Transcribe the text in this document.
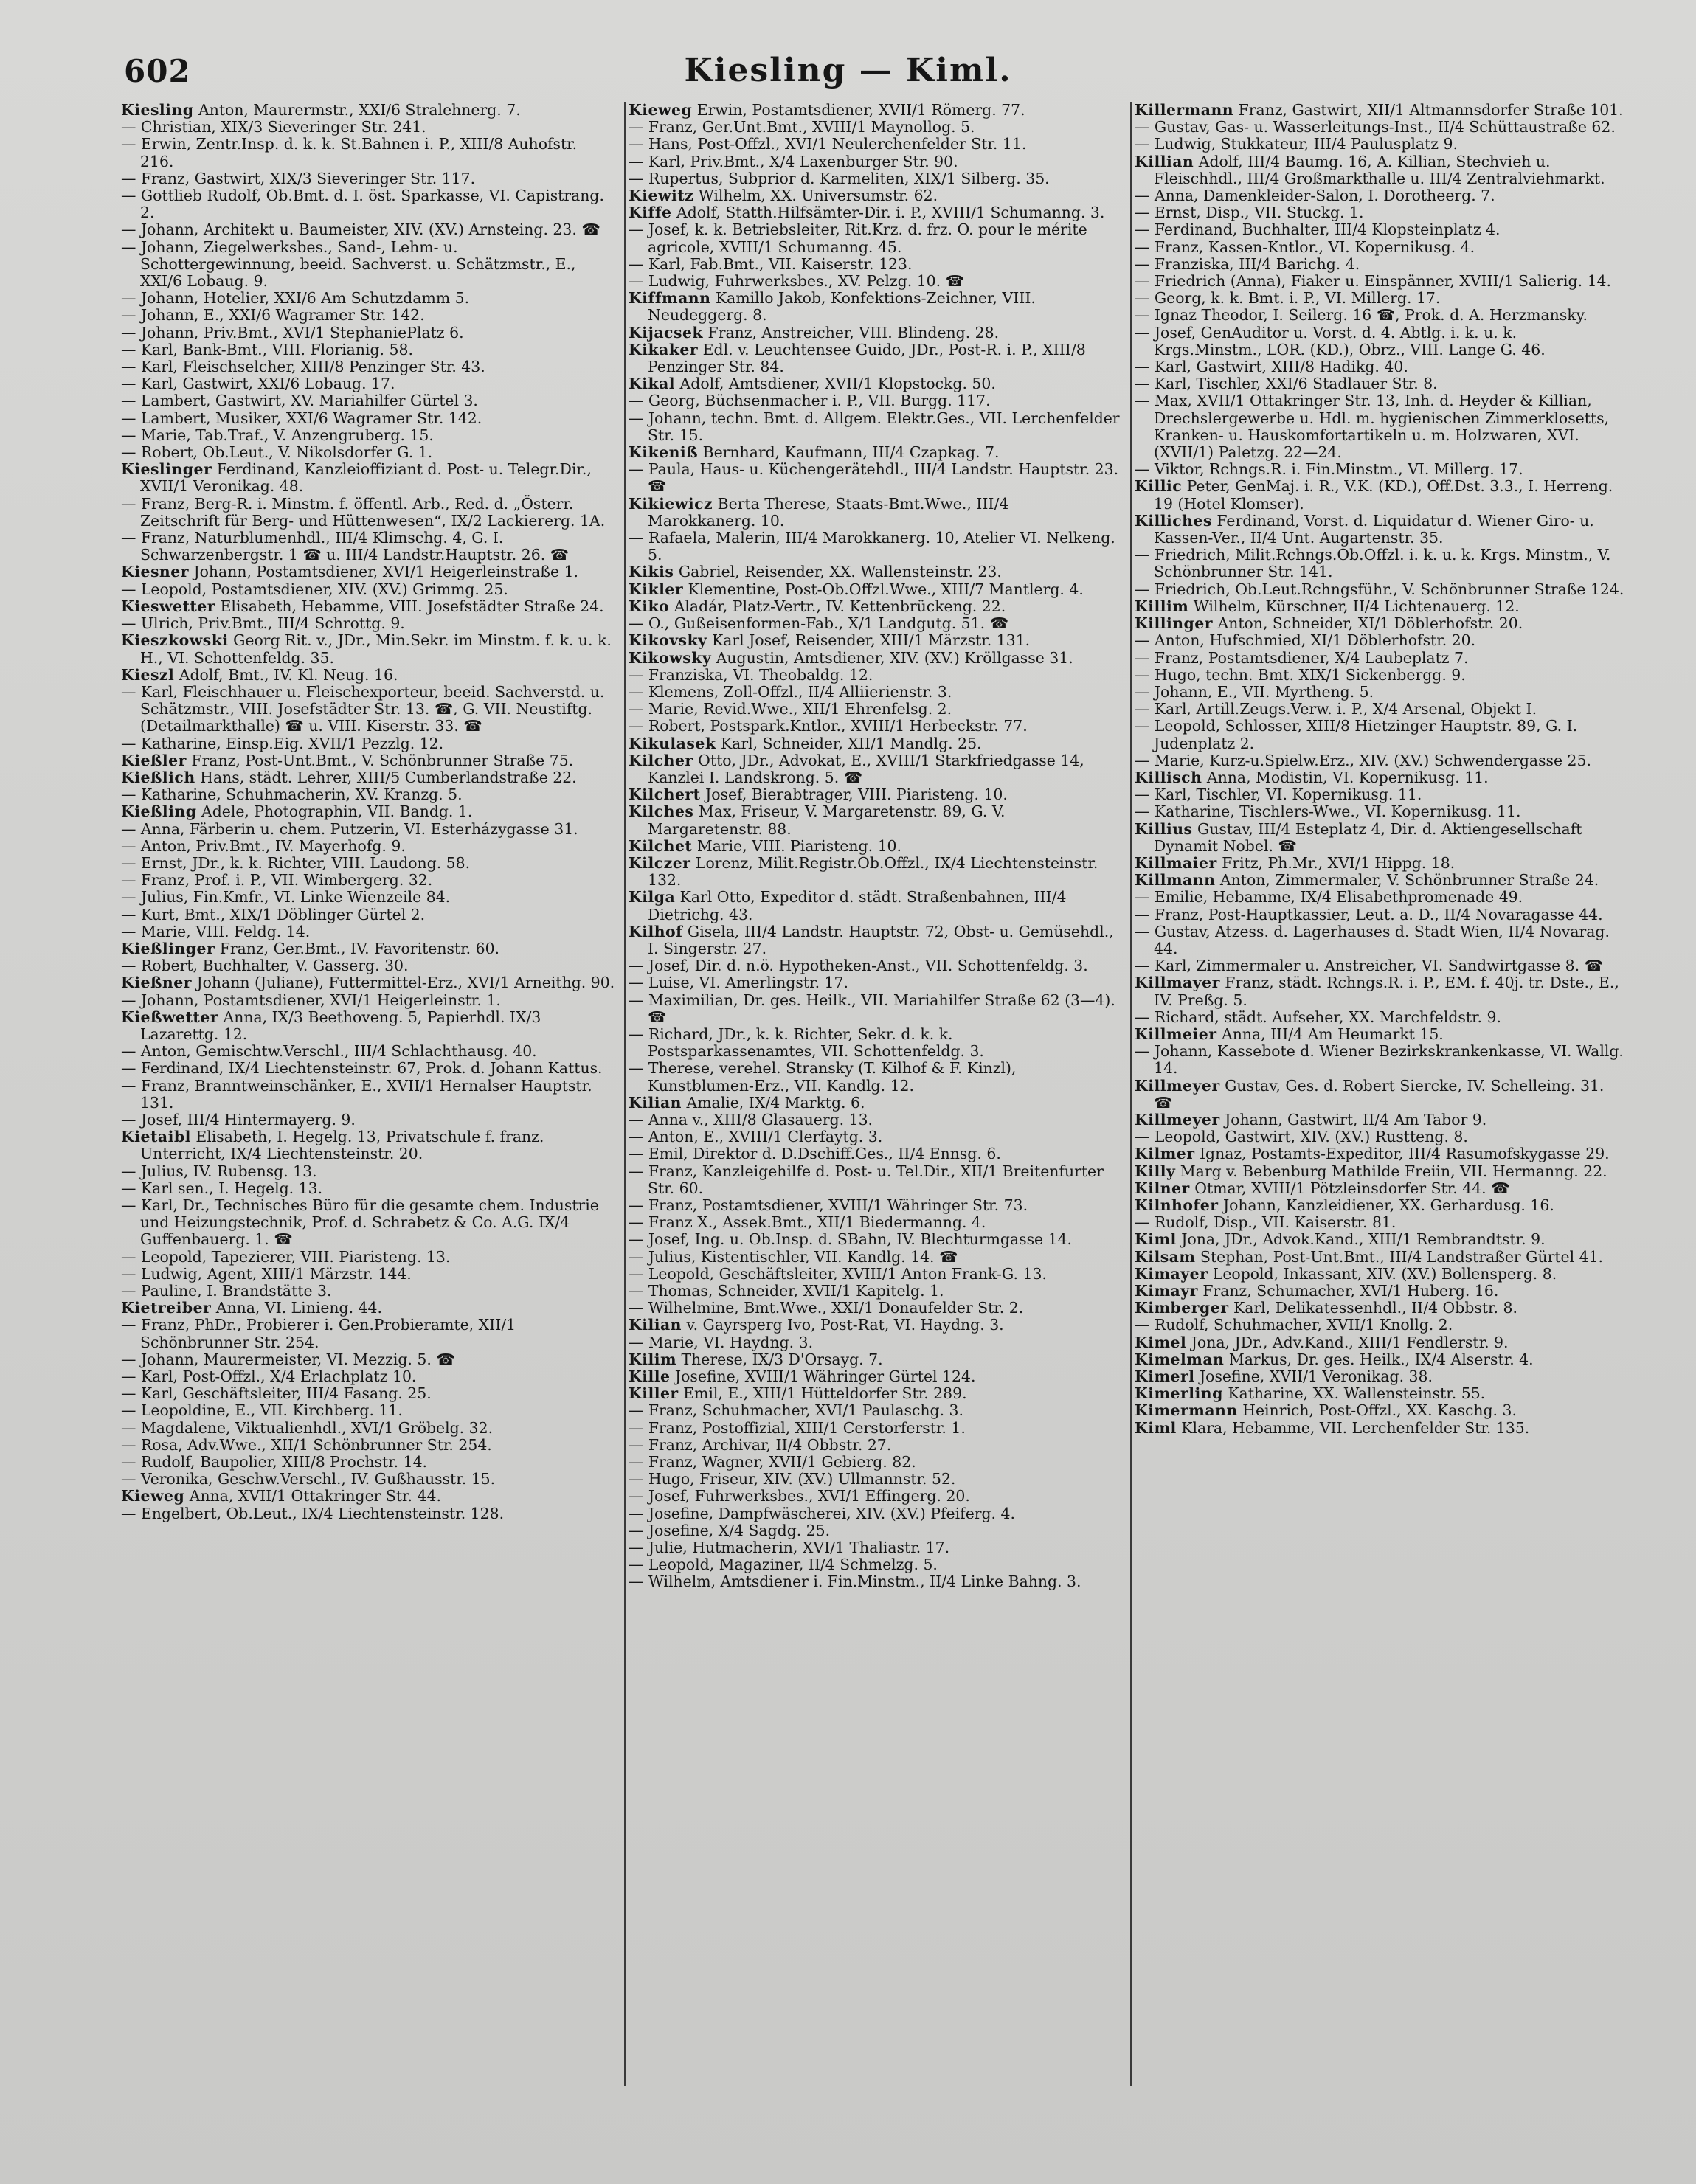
602	Kiesling — Kiml.
Kiesling Anton, Maurermstr., XXI/6 Stralehnerg. 7.
— Christian, XIX/3 Sieveringer Str. 241.
— Erwin, Zentr.Insp. d. k. k. St.Bahnen i. P., XIII/8 Auhofstr. 216.
— Franz, Gastwirt, XIX/3 Sieveringer Str. 117.
— Gottlieb Rudolf, Ob.Bmt. d. I. öst. Sparkasse, VI. Capistrang. 2.
— Johann, Architekt u. Baumeister, XIV. (XV.) Arnsteing. 23. ☎
— Johann, Ziegelwerksbes., Sand-, Lehm- u. Schottergewinnung, beeid. Sachverst. u. Schätzmstr., E., XXI/6 Lobaug. 9.
— Johann, Hotelier, XXI/6 Am Schutzdamm 5.
— Johann, E., XXI/6 Wagramer Str. 142.
— Johann, Priv.Bmt., XVI/1 StephaniePlatz 6.
— Karl, Bank-Bmt., VIII. Florianig. 58.
— Karl, Fleischselcher, XIII/8 Penzinger Str. 43.
— Karl, Gastwirt, XXI/6 Lobaug. 17.
— Lambert, Gastwirt, XV. Mariahilfer Gürtel 3.
— Lambert, Musiker, XXI/6 Wagramer Str. 142.
— Marie, Tab.Traf., V. Anzengruberg. 15.
— Robert, Ob.Leut., V. Nikolsdorfer G. 1.
Kieslinger Ferdinand, Kanzleioffiziant d. Post- u. Telegr.Dir., XVII/1 Veronikag. 48.
— Franz, Berg-R. i. Minstm. f. öffentl. Arb., Red. d. „Österr. Zeitschrift für Berg- und Hüttenwesen“, IX/2 Lackiererg. 1A.
— Franz, Naturblumenhdl., III/4 Klimschg. 4, G. I. Schwarzenbergstr. 1 ☎ u. III/4 Landstr.Hauptstr. 26. ☎
Kiesner Johann, Postamtsdiener, XVI/1 Heigerleinstraße 1.
— Leopold, Postamtsdiener, XIV. (XV.) Grimmg. 25.
Kieswetter Elisabeth, Hebamme, VIII. Josefstädter Straße 24.
— Ulrich, Priv.Bmt., III/4 Schrottg. 9.
Kieszkowski Georg Rit. v., JDr., Min.Sekr. im Minstm. f. k. u. k. H., VI. Schottenfeldg. 35.
Kieszl Adolf, Bmt., IV. Kl. Neug. 16.
— Karl, Fleischhauer u. Fleischexporteur, beeid. Sachverstd. u. Schätzmstr., VIII. Josefstädter Str. 13. ☎, G. VII. Neustiftg. (Detailmarkthalle) ☎ u. VIII. Kiserstr. 33. ☎
— Katharine, Einsp.Eig. XVII/1 Pezzlg. 12.
Kießler Franz, Post-Unt.Bmt., V. Schönbrunner Straße 75.
Kießlich Hans, städt. Lehrer, XIII/5 Cumberlandstraße 22.
— Katharine, Schuhmacherin, XV. Kranzg. 5.
Kießling Adele, Photographin, VII. Bandg. 1.
— Anna, Färberin u. chem. Putzerin, VI. Esterházygasse 31.
— Anton, Priv.Bmt., IV. Mayerhofg. 9.
— Ernst, JDr., k. k. Richter, VIII. Laudong. 58.
— Franz, Prof. i. P., VII. Wimbergerg. 32.
— Julius, Fin.Kmfr., VI. Linke Wienzeile 84.
— Kurt, Bmt., XIX/1 Döblinger Gürtel 2.
— Marie, VIII. Feldg. 14.
Kießlinger Franz, Ger.Bmt., IV. Favoritenstr. 60.
— Robert, Buchhalter, V. Gasserg. 30.
Kießner Johann (Juliane), Futtermittel-Erz., XVI/1 Arneithg. 90.
— Johann, Postamtsdiener, XVI/1 Heigerleinstr. 1.
Kießwetter Anna, IX/3 Beethoveng. 5, Papierhdl. IX/3 Lazarettg. 12.
— Anton, Gemischtw.Verschl., III/4 Schlachthausg. 40.
— Ferdinand, IX/4 Liechtensteinstr. 67, Prok. d. Johann Kattus.
— Franz, Branntweinschänker, E., XVII/1 Hernalser Hauptstr. 131.
— Josef, III/4 Hintermayerg. 9.
Kietaibl Elisabeth, I. Hegelg. 13, Privatschule f. franz. Unterricht, IX/4 Liechtensteinstr. 20.
— Julius, IV. Rubensg. 13.
— Karl sen., I. Hegelg. 13.
— Karl, Dr., Technisches Büro für die gesamte chem. Industrie und Heizungstechnik, Prof. d. Schrabetz & Co. A.G. IX/4 Guffenbauerg. 1. ☎
— Leopold, Tapezierer, VIII. Piaristeng. 13.
— Ludwig, Agent, XIII/1 Märzstr. 144.
— Pauline, I. Brandstätte 3.
Kietreiber Anna, VI. Linieng. 44.
— Franz, PhDr., Probierer i. Gen.Probieramte, XII/1 Schönbrunner Str. 254.
— Johann, Maurermeister, VI. Mezzig. 5. ☎
— Karl, Post-Offzl., X/4 Erlachplatz 10.
— Karl, Geschäftsleiter, III/4 Fasang. 25.
— Leopoldine, E., VII. Kirchberg. 11.
— Magdalene, Viktualienhdl., XVI/1 Gröbelg. 32.
— Rosa, Adv.Wwe., XII/1 Schönbrunner Str. 254.
— Rudolf, Baupolier, XIII/8 Prochstr. 14.
— Veronika, Geschw.Verschl., IV. Gußhausstr. 15.
Kieweg Anna, XVII/1 Ottakringer Str. 44.
— Engelbert, Ob.Leut., IX/4 Liechtensteinstr. 128.
Kieweg Erwin, Postamtsdiener, XVII/1 Römerg. 77.
— Franz, Ger.Unt.Bmt., XVIII/1 Maynollog. 5.
— Hans, Post-Offzl., XVI/1 Neulerchenfelder Str. 11.
— Karl, Priv.Bmt., X/4 Laxenburger Str. 90.
— Rupertus, Subprior d. Karmeliten, XIX/1 Silberg. 35.
Kiewitz Wilhelm, XX. Universumstr. 62.
Kiffe Adolf, Statth.Hilfsämter-Dir. i. P., XVIII/1 Schumanng. 3.
— Josef, k. k. Betriebsleiter, Rit.Krz. d. frz. O. pour le mérite agricole, XVIII/1 Schumanng. 45.
— Karl, Fab.Bmt., VII. Kaiserstr. 123.
— Ludwig, Fuhrwerksbes., XV. Pelzg. 10. ☎
Kiffmann Kamillo Jakob, Konfektions-Zeichner, VIII. Neudeggerg. 8.
Kijacsek Franz, Anstreicher, VIII. Blindeng. 28.
Kikaker Edl. v. Leuchtensee Guido, JDr., Post-R. i. P., XIII/8 Penzinger Str. 84.
Kikal Adolf, Amtsdiener, XVII/1 Klopstockg. 50.
— Georg, Büchsenmacher i. P., VII. Burgg. 117.
— Johann, techn. Bmt. d. Allgem. Elektr.Ges., VII. Lerchenfelder Str. 15.
Kikeniß Bernhard, Kaufmann, III/4 Czapkag. 7.
— Paula, Haus- u. Küchengerätehdl., III/4 Landstr. Hauptstr. 23. ☎
Kikiewicz Berta Therese, Staats-Bmt.Wwe., III/4 Marokkanerg. 10.
— Rafaela, Malerin, III/4 Marokkanerg. 10, Atelier VI. Nelkeng. 5.
Kikis Gabriel, Reisender, XX. Wallensteinstr. 23.
Kikler Klementine, Post-Ob.Offzl.Wwe., XIII/7 Mantlerg. 4.
Kiko Aladár, Platz-Vertr., IV. Kettenbrückeng. 22.
— O., Gußeisenformen-Fab., X/1 Landgutg. 51. ☎
Kikovsky Karl Josef, Reisender, XIII/1 Märzstr. 131.
Kikowsky Augustin, Amtsdiener, XIV. (XV.) Kröllgasse 31.
— Franziska, VI. Theobaldg. 12.
— Klemens, Zoll-Offzl., II/4 Alliierienstr. 3.
— Marie, Revid.Wwe., XII/1 Ehrenfelsg. 2.
— Robert, Postspark.Kntlor., XVIII/1 Herbeckstr. 77.
Kikulasek Karl, Schneider, XII/1 Mandlg. 25.
Kilcher Otto, JDr., Advokat, E., XVIII/1 Starkfriedgasse 14, Kanzlei I. Landskrong. 5. ☎
Kilchert Josef, Bierabtrager, VIII. Piaristeng. 10.
Kilches Max, Friseur, V. Margaretenstr. 89, G. V. Margaretenstr. 88.
Kilchet Marie, VIII. Piaristeng. 10.
Kilczer Lorenz, Milit.Registr.Ob.Offzl., IX/4 Liechtensteinstr. 132.
Kilga Karl Otto, Expeditor d. städt. Straßenbahnen, III/4 Dietrichg. 43.
Kilhof Gisela, III/4 Landstr. Hauptstr. 72, Obst- u. Gemüsehdl., I. Singerstr. 27.
— Josef, Dir. d. n.ö. Hypotheken-Anst., VII. Schottenfeldg. 3.
— Luise, VI. Amerlingstr. 17.
— Maximilian, Dr. ges. Heilk., VII. Mariahilfer Straße 62 (3—4). ☎
— Richard, JDr., k. k. Richter, Sekr. d. k. k. Postsparkassenamtes, VII. Schottenfeldg. 3.
— Therese, verehel. Stransky (T. Kilhof & F. Kinzl), Kunstblumen-Erz., VII. Kandlg. 12.
Kilian Amalie, IX/4 Marktg. 6.
— Anna v., XIII/8 Glasauerg. 13.
— Anton, E., XVIII/1 Clerfaytg. 3.
— Emil, Direktor d. D.Dschiff.Ges., II/4 Ennsg. 6.
— Franz, Kanzleigehilfe d. Post- u. Tel.Dir., XII/1 Breitenfurter Str. 60.
— Franz, Postamtsdiener, XVIII/1 Währinger Str. 73.
— Franz X., Assek.Bmt., XII/1 Biedermanng. 4.
— Josef, Ing. u. Ob.Insp. d. SBahn, IV. Blechturmgasse 14.
— Julius, Kistentischler, VII. Kandlg. 14. ☎
— Leopold, Geschäftsleiter, XVIII/1 Anton Frank-G. 13.
— Thomas, Schneider, XVII/1 Kapitelg. 1.
— Wilhelmine, Bmt.Wwe., XXI/1 Donaufelder Str. 2.
Kilian v. Gayrsperg Ivo, Post-Rat, VI. Haydng. 3.
— Marie, VI. Haydng. 3.
Kilim Therese, IX/3 D'Orsayg. 7.
Kille Josefine, XVIII/1 Währinger Gürtel 124.
Killer Emil, E., XIII/1 Hütteldorfer Str. 289.
— Franz, Schuhmacher, XVI/1 Paulaschg. 3.
— Franz, Postoffizial, XIII/1 Cerstorferstr. 1.
— Franz, Archivar, II/4 Obbstr. 27.
— Franz, Wagner, XVII/1 Gebierg. 82.
— Hugo, Friseur, XIV. (XV.) Ullmannstr. 52.
— Josef, Fuhrwerksbes., XVI/1 Effingerg. 20.
— Josefine, Dampfwäscherei, XIV. (XV.) Pfeiferg. 4.
— Josefine, X/4 Sagdg. 25.
— Julie, Hutmacherin, XVI/1 Thaliastr. 17.
— Leopold, Magaziner, II/4 Schmelzg. 5.
— Wilhelm, Amtsdiener i. Fin.Minstm., II/4 Linke Bahng. 3.
Killermann Franz, Gastwirt, XII/1 Altmannsdorfer Straße 101.
— Gustav, Gas- u. Wasserleitungs-Inst., II/4 Schüttaustraße 62.
— Ludwig, Stukkateur, III/4 Paulusplatz 9.
Killian Adolf, III/4 Baumg. 16, A. Killian, Stechvieh u. Fleischhdl., III/4 Großmarkthalle u. III/4 Zentralviehmarkt.
— Anna, Damenkleider-Salon, I. Dorotheerg. 7.
— Ernst, Disp., VII. Stuckg. 1.
— Ferdinand, Buchhalter, III/4 Klopsteinplatz 4.
— Franz, Kassen-Kntlor., VI. Kopernikusg. 4.
— Franziska, III/4 Barichg. 4.
— Friedrich (Anna), Fiaker u. Einspänner, XVIII/1 Salierig. 14.
— Georg, k. k. Bmt. i. P., VI. Millerg. 17.
— Ignaz Theodor, I. Seilerg. 16 ☎, Prok. d. A. Herzmansky.
— Josef, GenAuditor u. Vorst. d. 4. Abtlg. i. k. u. k. Krgs.Minstm., LOR. (KD.), Obrz., VIII. Lange G. 46.
— Karl, Gastwirt, XIII/8 Hadikg. 40.
— Karl, Tischler, XXI/6 Stadlauer Str. 8.
— Max, XVII/1 Ottakringer Str. 13, Inh. d. Heyder & Killian, Drechslergewerbe u. Hdl. m. hygienischen Zimmerklosetts, Kranken- u. Hauskomfortartikeln u. m. Holzwaren, XVI. (XVII/1) Paletzg. 22—24.
— Viktor, Rchngs.R. i. Fin.Minstm., VI. Millerg. 17.
Killic Peter, GenMaj. i. R., V.K. (KD.), Off.Dst. 3.3., I. Herreng. 19 (Hotel Klomser).
Killiches Ferdinand, Vorst. d. Liquidatur d. Wiener Giro- u. Kassen-Ver., II/4 Unt. Augartenstr. 35.
— Friedrich, Milit.Rchngs.Ob.Offzl. i. k. u. k. Krgs. Minstm., V. Schönbrunner Str. 141.
— Friedrich, Ob.Leut.Rchngsführ., V. Schönbrunner Straße 124.
Killim Wilhelm, Kürschner, II/4 Lichtenauerg. 12.
Killinger Anton, Schneider, XI/1 Döblerhofstr. 20.
— Anton, Hufschmied, XI/1 Döblerhofstr. 20.
— Franz, Postamtsdiener, X/4 Laubeplatz 7.
— Hugo, techn. Bmt. XIX/1 Sickenbergg. 9.
— Johann, E., VII. Myrtheng. 5.
— Karl, Artill.Zeugs.Verw. i. P., X/4 Arsenal, Objekt I.
— Leopold, Schlosser, XIII/8 Hietzinger Hauptstr. 89, G. I. Judenplatz 2.
— Marie, Kurz-u.Spielw.Erz., XIV. (XV.) Schwendergasse 25.
Killisch Anna, Modistin, VI. Kopernikusg. 11.
— Karl, Tischler, VI. Kopernikusg. 11.
— Katharine, Tischlers-Wwe., VI. Kopernikusg. 11.
Killius Gustav, III/4 Esteplatz 4, Dir. d. Aktiengesellschaft Dynamit Nobel. ☎
Killmaier Fritz, Ph.Mr., XVI/1 Hippg. 18.
Killmann Anton, Zimmermaler, V. Schönbrunner Straße 24.
— Emilie, Hebamme, IX/4 Elisabethpromenade 49.
— Franz, Post-Hauptkassier, Leut. a. D., II/4 Novaragasse 44.
— Gustav, Atzess. d. Lagerhauses d. Stadt Wien, II/4 Novarag. 44.
— Karl, Zimmermaler u. Anstreicher, VI. Sandwirtgasse 8. ☎
Killmayer Franz, städt. Rchngs.R. i. P., EM. f. 40j. tr. Dste., E., IV. Preßg. 5.
— Richard, städt. Aufseher, XX. Marchfeldstr. 9.
Killmeier Anna, III/4 Am Heumarkt 15.
— Johann, Kassebote d. Wiener Bezirkskrankenkasse, VI. Wallg. 14.
Killmeyer Gustav, Ges. d. Robert Siercke, IV. Schelleing. 31. ☎
Killmeyer Johann, Gastwirt, II/4 Am Tabor 9.
— Leopold, Gastwirt, XIV. (XV.) Rustteng. 8.
Kilmer Ignaz, Postamts-Expeditor, III/4 Rasumofskygasse 29.
Killy Marg v. Bebenburg Mathilde Freiin, VII. Hermanng. 22.
Kilner Otmar, XVIII/1 Pötzleinsdorfer Str. 44. ☎
Kilnhofer Johann, Kanzleidiener, XX. Gerhardusg. 16.
— Rudolf, Disp., VII. Kaiserstr. 81.
Kiml Jona, JDr., Advok.Kand., XIII/1 Rembrandtstr. 9.
Kilsam Stephan, Post-Unt.Bmt., III/4 Landstraßer Gürtel 41.
Kimayer Leopold, Inkassant, XIV. (XV.) Bollensperg. 8.
Kimayr Franz, Schumacher, XVI/1 Huberg. 16.
Kimberger Karl, Delikatessenhdl., II/4 Obbstr. 8.
— Rudolf, Schuhmacher, XVII/1 Knollg. 2.
Kimel Jona, JDr., Adv.Kand., XIII/1 Fendlerstr. 9.
Kimelman Markus, Dr. ges. Heilk., IX/4 Alserstr. 4.
Kimerl Josefine, XVII/1 Veronikag. 38.
Kimerling Katharine, XX. Wallensteinstr. 55.
Kimermann Heinrich, Post-Offzl., XX. Kaschg. 3.
Kiml Klara, Hebamme, VII. Lerchenfelder Str. 135.
